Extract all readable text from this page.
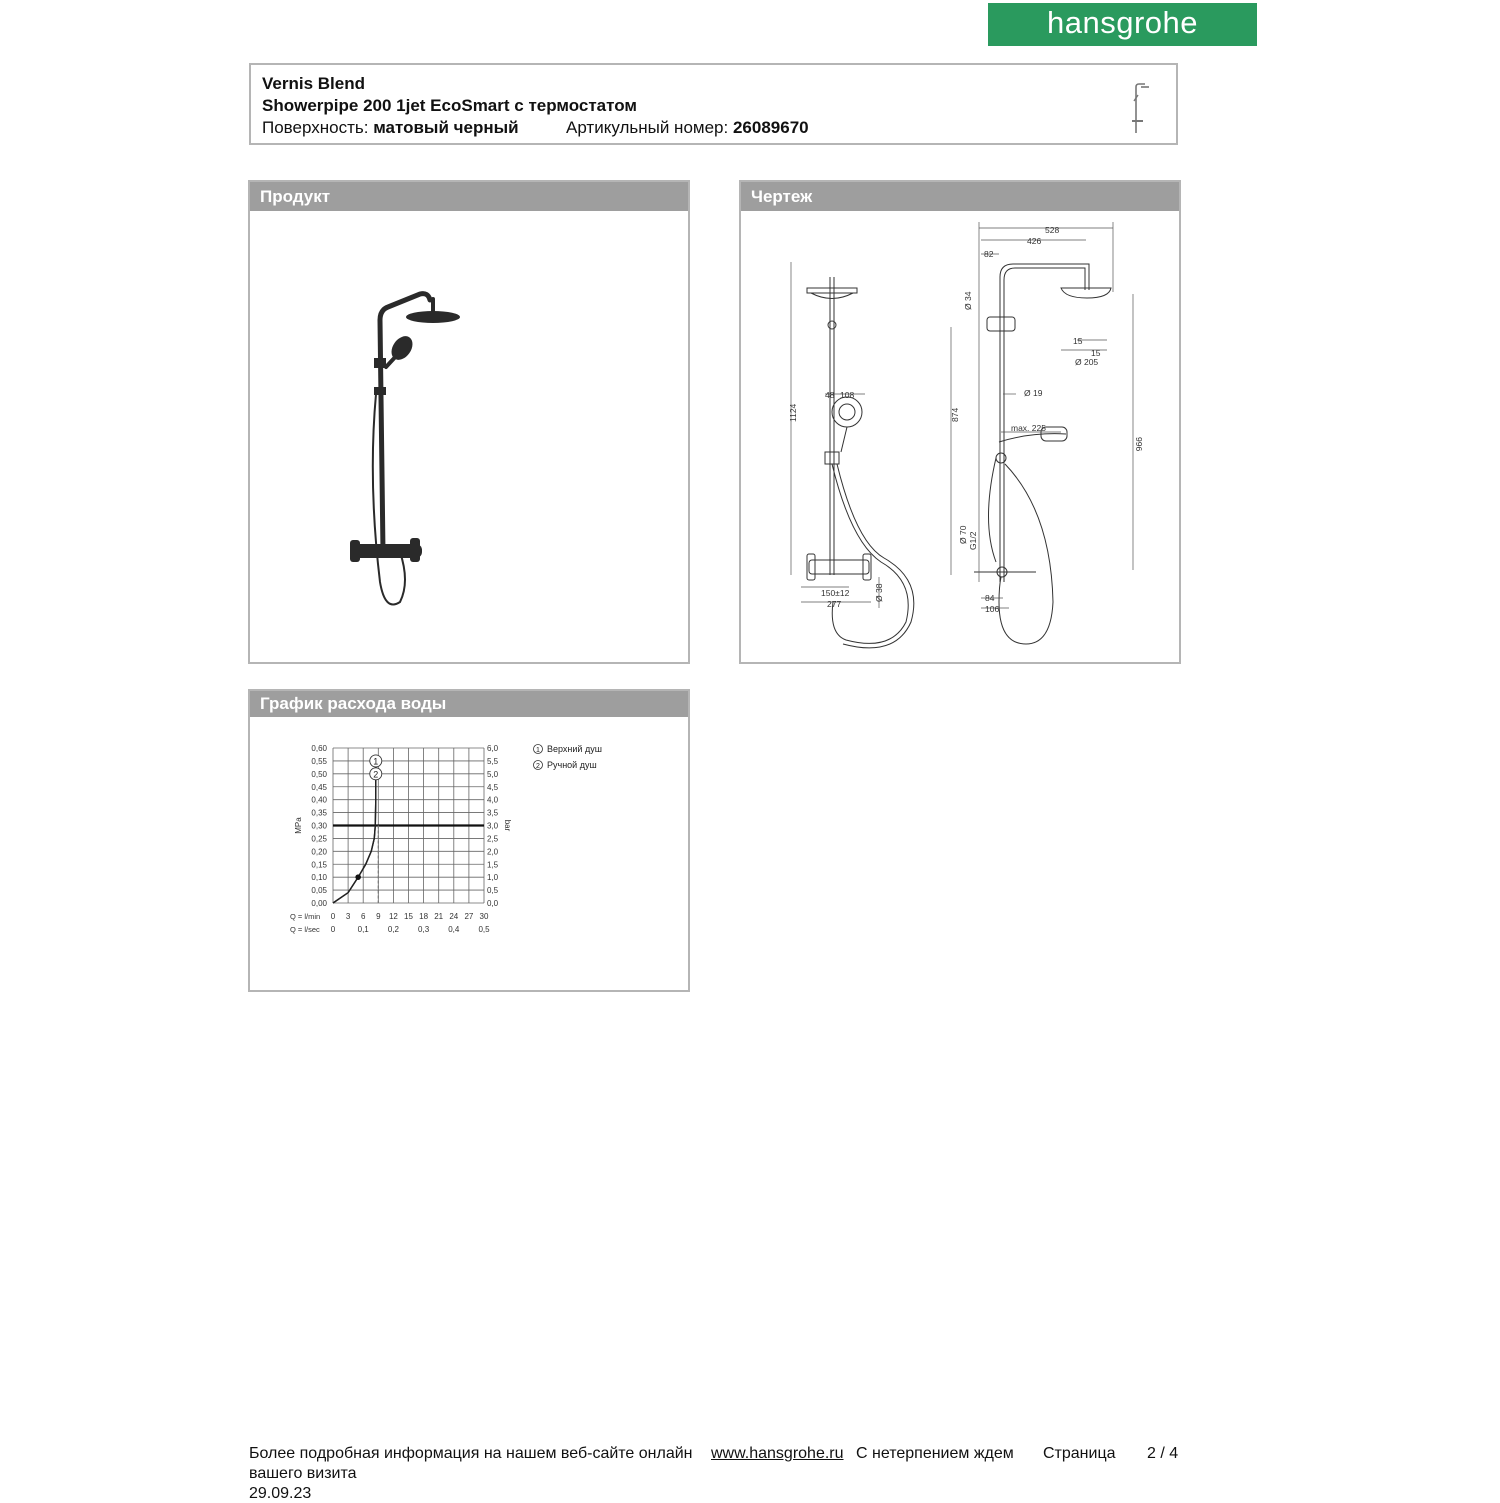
hansgrohe
Vernis Blend
Showerpipe 200 1jet EcoSmart с термостатом
Поверхность: матовый черный	Артикульный номер: 26089670
Продукт	Чертеж
528
426
82
Ø 34
15
15
Ø 205
874
Ø 19
996
max. 225
Ø 70 G1/2
84
106
1124
48 108
150±12
277
Ø 38
График расхода воды
1
2
0,00
0,05
0,10
0,15
0,20
0,25
0,30
0,35
0,40
0,45
0,50
0,55
0,60
0,0
0,5
1,0
1,5
2,0
2,5
3,0
3,5
4,0
4,5
5,0
5,5
6,0
MPa	bar
Q = l/min
Q = l/sec
0 3 6 9 12 15 18 21 24 27 30
0	0,1 0,2 0,3 0,4 0,5
1 Верхний душ
2 Ручной душ
Более подробная информация на нашем веб-сайте онлайн www.hansgrohe.ru С нетерпением ждем
вашего визита
Страница 2 / 4
29.09.23
